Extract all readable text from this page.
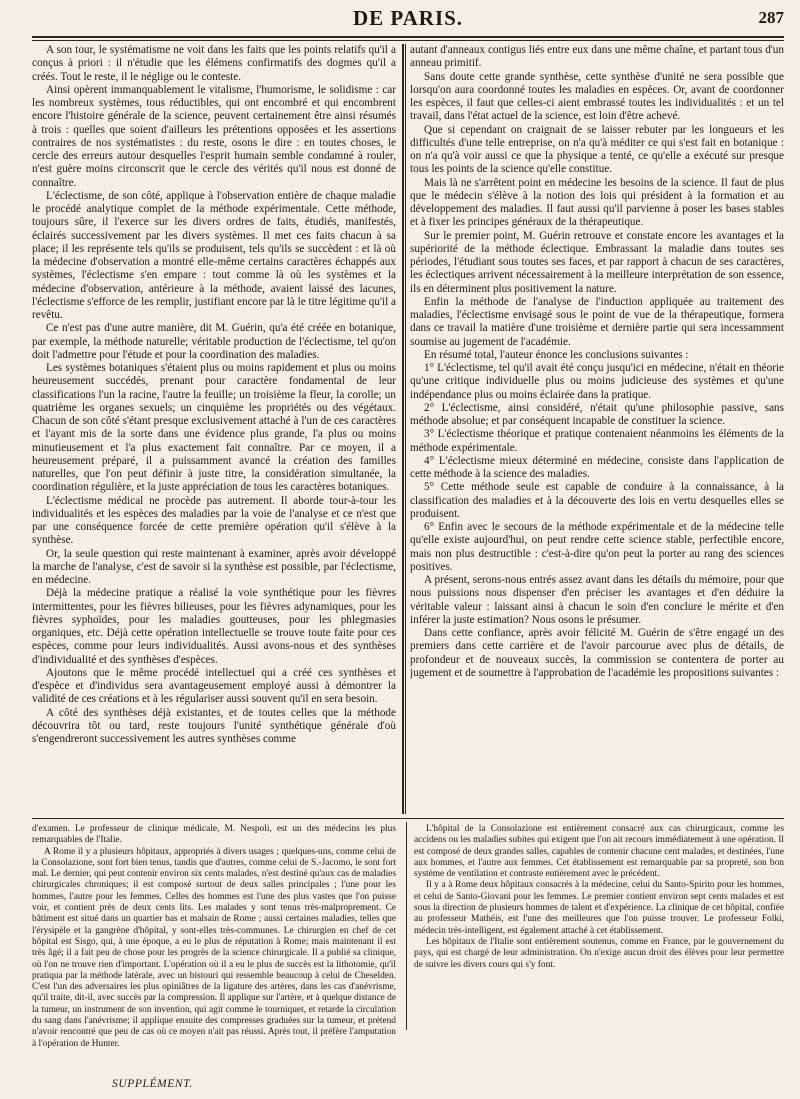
DE PARIS.	287

A son tour, le systématisme ne voit dans les faits que les points relatifs qu'il a conçus à priori : il n'étudie que les élémens confirmatifs des dogmes qu'il a créés. Tout le reste, il le néglige ou le conteste.

Ainsi opèrent immanquablement le vitalisme, l'humorisme, le solidisme : car les nombreux systèmes, tous réductibles, qui ont encombré et qui encombrent encore l'histoire générale de la science, peuvent certainement être ainsi résumés à trois : quelles que soient d'ailleurs les prétentions opposées et les assertions contraires de nos systématistes : du reste, osons le dire : en toutes choses, le cercle des erreurs autour desquelles l'esprit humain semble condamné à rouler, n'est guère moins circonscrit que le cercle des vérités qu'il nous est donné de connaître.

L'éclectisme, de son côté, applique à l'observation entière de chaque maladie le procédé analytique complet de la méthode expérimentale. Cette méthode, toujours sûre, il l'exerce sur les divers ordres de faits, étudiés, manifestés, éclairés successivement par les divers systèmes. Il met ces faits chacun à sa place; il les représente tels qu'ils se produisent, tels qu'ils se succèdent : et là où la médecine d'observation a montré elle-même certains caractères échappés aux systèmes, l'éclectisme s'en empare : tout comme là où les systèmes et la médecine d'observation, antérieure à la méthode, avaient laissé des lacunes, l'éclectisme s'efforce de les remplir, justifiant encore par là le titre légitime qu'il a revêtu.

Ce n'est pas d'une autre manière, dit M. Guérin, qu'a été créée en botanique, par exemple, la méthode naturelle; véritable production de l'éclectisme, tel qu'on doit l'admettre pour l'étude et pour la coordination des maladies.

Les systèmes botaniques s'étaient plus ou moins rapidement et plus ou moins heureusement succédés, prenant pour caractère fondamental de leur classifications l'un la racine, l'autre la feuille; un troisième la fleur, la corolle; un quatrième les organes sexuels; un cinquième les propriétés ou des végétaux. Chacun de son côté s'étant presque exclusivement attaché à l'un de ces caractères et l'ayant mis de la sorte dans une évidence plus grande, l'a plus ou moins minutieusement et l'a plus exactement fait connaître. Par ce moyen, il a heureusement préparé, il a puissamment avancé la création des familles naturelles, que l'on peut définir à juste titre, la considération simultanée, la coordination régulière, et la juste appréciation de tous les caractères botaniques.

L'éclectisme médical ne procède pas autrement. Il aborde tour-à-tour les individualités et les espèces des maladies par la voie de l'analyse et ce n'est que par une conséquence forcée de cette première opération qu'il s'élève à la synthèse.

Or, la seule question qui reste maintenant à examiner, après avoir développé la marche de l'analyse, c'est de savoir si la synthèse est possible, par l'éclectisme, en médecine.

Déjà la médecine pratique a réalisé la voie synthétique pour les fièvres intermittentes, pour les fièvres bilieuses, pour les fièvres adynamiques, pour les fièvres syphoïdes, pour les maladies goutteuses, pour les phlegmasies organiques, etc. Déjà cette opération intellectuelle se trouve toute faite pour ces espèces, comme pour leurs individualités. Aussi avons-nous et des synthèses d'individualité et des synthèses d'espèces.

Ajoutons que le même procédé intellectuel qui a créé ces synthèses et d'espèce et d'individus sera avantageusement employé aussi à démontrer la validité de ces créations et à les régulariser aussi souvent qu'il en sera besoin.

A côté des synthèses déjà existantes, et de toutes celles que la méthode découvrira tôt ou tard, reste toujours l'unité synthétique générale d'où s'engendreront successivement les autres synthèses comme

autant d'anneaux contigus liés entre eux dans une même chaîne, et partant tous d'un anneau primitif.

Sans doute cette grande synthèse, cette synthèse d'unité ne sera possible que lorsqu'on aura coordonné toutes les maladies en espèces. Or, avant de coordonner les espèces, il faut que celles-ci aient embrassé toutes les individualités : et un tel travail, dans l'état actuel de la science, est loin d'être achevé.

Que si cependant on craignait de se laisser rebuter par les longueurs et les difficultés d'une telle entreprise, on n'a qu'à méditer ce qui s'est fait en botanique : on n'a qu'à voir aussi ce que la physique a tenté, ce qu'elle a exécuté sur presque tous les points de la science qu'elle constitue.

Mais là ne s'arrêtent point en médecine les besoins de la science. Il faut de plus que le médecin s'élève à la notion des lois qui président à la formation et au développement des maladies. Il faut aussi qu'il parvienne à poser les bases stables et à fixer les principes généraux de la thérapeutique.

Sur le premier point, M. Guérin retrouve et constate encore les avantages et la supériorité de la méthode éclectique. Embrassant la maladie dans toutes ses périodes, l'étudiant sous toutes ses faces, et par rapport à chacun de ses caractères, les éclectiques arrivent nécessairement à la meilleure interprétation de son essence, ils en déterminent plus positivement la nature.

Enfin la méthode de l'analyse de l'induction appliquée au traitement des maladies, l'éclectisme envisagé sous le point de vue de la thérapeutique, formera dans ce travail la matière d'une troisième et dernière partie qui sera incessamment soumise au jugement de l'académie.

En résumé total, l'auteur énonce les conclusions suivantes :

1° L'éclectisme, tel qu'il avait été conçu jusqu'ici en médecine, n'était en théorie qu'une critique individuelle plus ou moins judicieuse des systèmes et qu'une indépendance plus ou moins éclairée dans la pratique.

2° L'éclectisme, ainsi considéré, n'était qu'une philosophie passive, sans méthode absolue; et par conséquent incapable de constituer la science.

3° L'éclectisme théorique et pratique contenaient néanmoins les éléments de la méthode expérimentale.

4° L'éclectisme mieux déterminé en médecine, consiste dans l'application de cette méthode à la science des maladies.

5° Cette méthode seule est capable de conduire à la connaissance, à la classification des maladies et à la découverte des lois en vertu desquelles elles se produisent.

6° Enfin avec le secours de la méthode expérimentale et de la médecine telle qu'elle existe aujourd'hui, on peut rendre cette science stable, perfectible encore, mais non plus destructible : c'est-à-dire qu'on peut la porter au rang des sciences positives.

A présent, serons-nous entrés assez avant dans les détails du mémoire, pour que nous puissions nous dispenser d'en préciser les avantages et d'en déduire la véritable valeur : laissant ainsi à chacun le soin d'en conclure le mérite et d'en inférer la juste estimation? Nous osons le présumer.

Dans cette confiance, après avoir félicité M. Guérin de s'être engagé un des premiers dans cette carrière et de l'avoir parcourue avec plus de détails, de profondeur et de nouveaux succès, la commission se contentera de porter au jugement et de soumettre à l'approbation de l'académie les propositions suivantes :

d'examen. Le professeur de clinique médicale, M. Nespoli, est un des médecins les plus remarquables de l'Italie.

A Rome il y a plusieurs hôpitaux, appropriés à divers usages ; quelques-uns, comme celui de la Consolazione, sont fort bien tenus, tandis que d'autres, comme celui de S.-Jacomo, le sont fort mal. Le dernier, qui peut contenir environ six cents malades, n'est destiné qu'aux cas de maladies chirurgicales chroniques; il est composé surtout de deux salles principales ; l'une pour les hommes, l'autre pour les femmes. Celles des hommes est l'une des plus vastes que l'on puisse voir, et contient près de deux cents lits. Les malades y sont tenus très-malproprement. Ce bâtiment est situé dans un quartier bas et malsain de Rome ; aussi certaines maladies, telles que l'érysipèle et la gangrène d'hôpital, y sont-elles très-communes. Le chirurgien en chef de cet hôpital est Sisgo, qui, à une époque, a eu le plus de réputation à Rome; mais maintenant il est très âgé; il a fait peu de chose pour les progrès de la science chirurgicale. Il a publié sa clinique, où l'on ne trouve rien d'important. L'opération où il a eu le plus de succès est la lithotomie, qu'il pratiqua par la méthode latérale, avec un bistouri qui ressemble beaucoup à celui de Cheselden. C'est l'un des adversaires les plus opiniâtres de la ligature des artères, dans les cas d'anévrisme, qu'il traite, dit-il, avec succès par la compression. Il applique sur l'artère, et à quelque distance de la tumeur, un instrument de son invention, qui agit comme le tourniquet, et retarde la circulation du sang dans l'anévrisme; il applique ensuite des compresses graduées sur la tumeur, et prétend n'avoir rencontré que peu de cas où ce moyen n'ait pas réussi. Après tout, il préfère l'amputation à l'opération de Hunter.

L'hôpital de la Consolazione est entièrement consacré aux cas chirurgicaux, comme les accidens ou les maladies subites qui exigent que l'on ait recours immédiatement à une opération. Il est composé de deux grandes salles, capables de contenir chacune cent malades, et destinées, l'une aux hommes, et l'autre aux femmes. Cet établissement est remarquable par sa propreté, son bon système de ventilation et contraste entièrement avec le précédent.

Il y a à Rome deux hôpitaux consacrés à la médecine, celui du Santo-Spirito pour les hommes, et celui de Santo-Giovani pour les femmes. Le premier contient environ sept cents malades et est sous la direction de plusieurs hommes de talent et d'expérience. La clinique de cet hôpital, confiée au professeur Mathéis, est l'une des meilleures que l'on puisse trouver. Le professeur Folki, médecin très-intelligent, est également attaché à cet établissement.

Les hôpitaux de l'Italie sont entièrement soutenus, comme en France, par le gouvernement du pays, qui est chargé de leur administration. On n'exige aucun droit des élèves pour leur permettre de suivre les divers cours qui s'y font.

SUPPLÉMENT.
